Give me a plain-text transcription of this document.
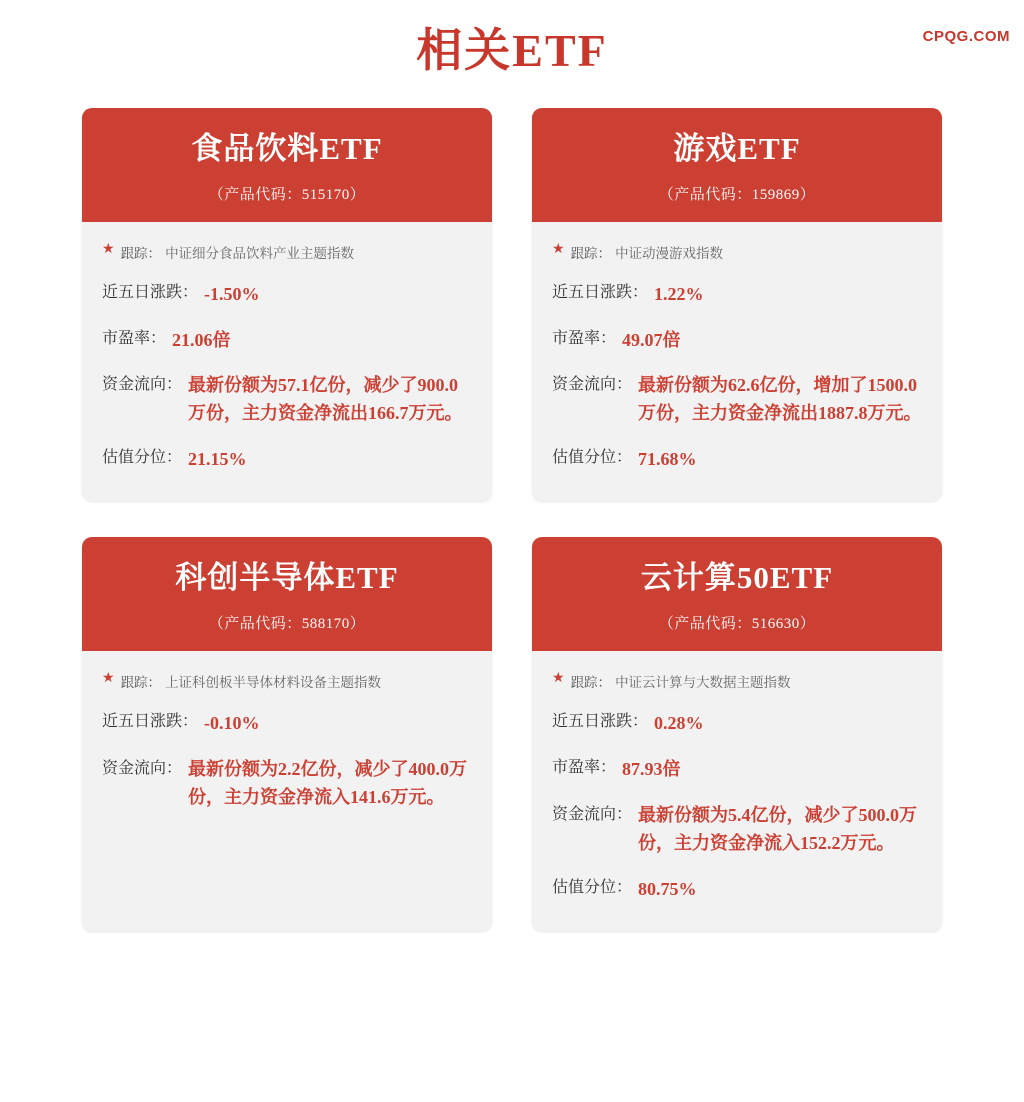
CPQG.COM
相关ETF
食品饮料ETF
（产品代码：515170）
★ 跟踪： 中证细分食品饮料产业主题指数
近五日涨跌： -1.50%
市盈率： 21.06倍
资金流向： 最新份额为57.1亿份，减少了900.0万份，主力资金净流出166.7万元。
估值分位： 21.15%
游戏ETF
（产品代码：159869）
★ 跟踪： 中证动漫游戏指数
近五日涨跌： 1.22%
市盈率： 49.07倍
资金流向： 最新份额为62.6亿份，增加了1500.0万份，主力资金净流出1887.8万元。
估值分位： 71.68%
科创半导体ETF
（产品代码：588170）
★ 跟踪： 上证科创板半导体材料设备主题指数
近五日涨跌： -0.10%
资金流向： 最新份额为2.2亿份，减少了400.0万份，主力资金净流入141.6万元。
云计算50ETF
（产品代码：516630）
★ 跟踪： 中证云计算与大数据主题指数
近五日涨跌： 0.28%
市盈率： 87.93倍
资金流向： 最新份额为5.4亿份，减少了500.0万份，主力资金净流入152.2万元。
估值分位： 80.75%
